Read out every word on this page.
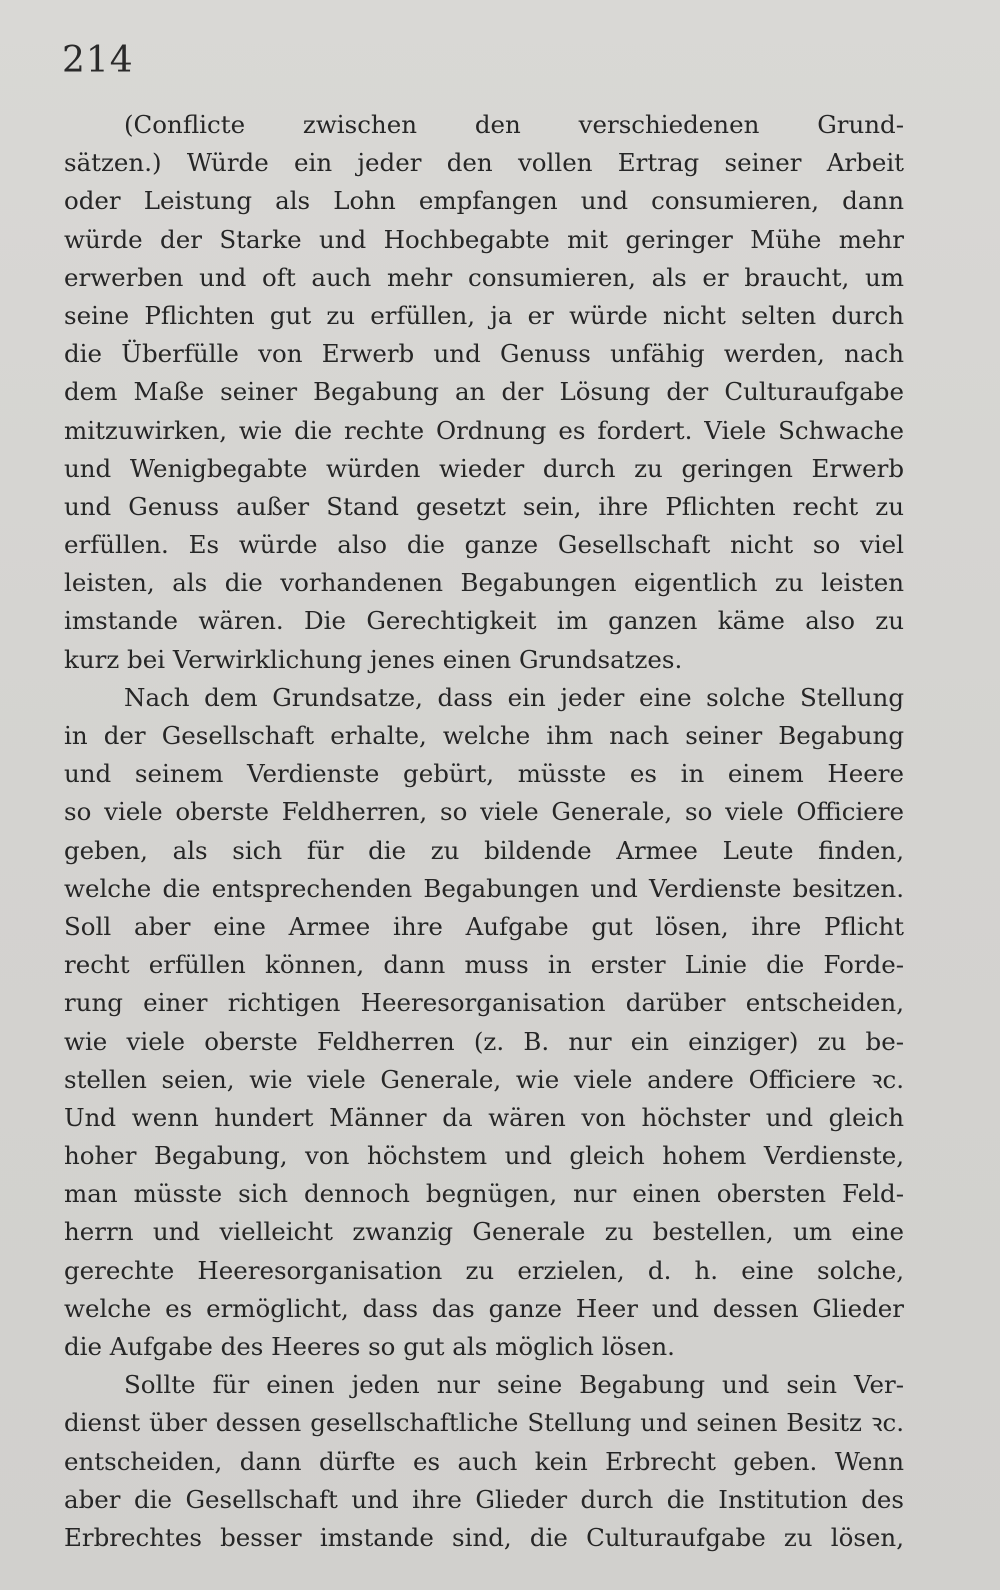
214
(Conflicte zwischen den verschiedenen Grund-
sätzen.) Würde ein jeder den vollen Ertrag seiner Arbeit
oder Leistung als Lohn empfangen und consumieren, dann
würde der Starke und Hochbegabte mit geringer Mühe mehr
erwerben und oft auch mehr consumieren, als er braucht, um
seine Pflichten gut zu erfüllen, ja er würde nicht selten durch
die Überfülle von Erwerb und Genuss unfähig werden, nach
dem Maße seiner Begabung an der Lösung der Culturaufgabe
mitzuwirken, wie die rechte Ordnung es fordert. Viele Schwache
und Wenigbegabte würden wieder durch zu geringen Erwerb
und Genuss außer Stand gesetzt sein, ihre Pflichten recht zu
erfüllen. Es würde also die ganze Gesellschaft nicht so viel
leisten, als die vorhandenen Begabungen eigentlich zu leisten
imstande wären. Die Gerechtigkeit im ganzen käme also zu
kurz bei Verwirklichung jenes einen Grundsatzes.
Nach dem Grundsatze, dass ein jeder eine solche Stellung
in der Gesellschaft erhalte, welche ihm nach seiner Begabung
und seinem Verdienste gebürt, müsste es in einem Heere
so viele oberste Feldherren, so viele Generale, so viele Officiere
geben, als sich für die zu bildende Armee Leute finden,
welche die entsprechenden Begabungen und Verdienste besitzen.
Soll aber eine Armee ihre Aufgabe gut lösen, ihre Pflicht
recht erfüllen können, dann muss in erster Linie die Forde-
rung einer richtigen Heeresorganisation darüber entscheiden,
wie viele oberste Feldherren (z. B. nur ein einziger) zu be-
stellen seien, wie viele Generale, wie viele andere Officiere ꝛc.
Und wenn hundert Männer da wären von höchster und gleich
hoher Begabung, von höchstem und gleich hohem Verdienste,
man müsste sich dennoch begnügen, nur einen obersten Feld-
herrn und vielleicht zwanzig Generale zu bestellen, um eine
gerechte Heeresorganisation zu erzielen, d. h. eine solche,
welche es ermöglicht, dass das ganze Heer und dessen Glieder
die Aufgabe des Heeres so gut als möglich lösen.
Sollte für einen jeden nur seine Begabung und sein Ver-
dienst über dessen gesellschaftliche Stellung und seinen Besitz ꝛc.
entscheiden, dann dürfte es auch kein Erbrecht geben. Wenn
aber die Gesellschaft und ihre Glieder durch die Institution des
Erbrechtes besser imstande sind, die Culturaufgabe zu lösen,
